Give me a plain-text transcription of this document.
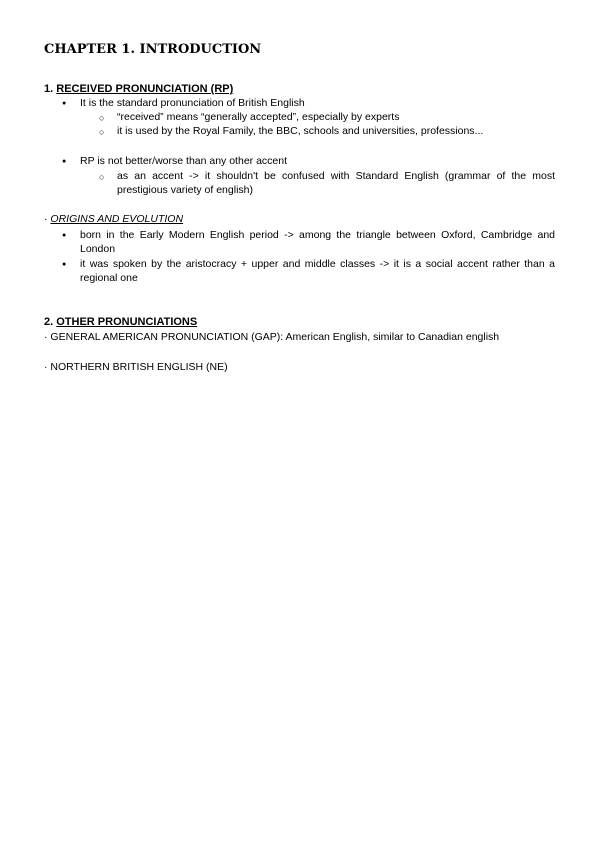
CHAPTER 1. INTRODUCTION
1. RECEIVED PRONUNCIATION (RP)
● It is the standard pronunciation of British English
○ “received” means “generally accepted”, especially by experts
○ it is used by the Royal Family, the BBC, schools and universities, professions...
● RP is not better/worse than any other accent
○ as an accent -> it shouldn't be confused with Standard English (grammar of the most prestigious variety of english)
· ORIGINS AND EVOLUTION
● born in the Early Modern English period -> among the triangle between Oxford, Cambridge and London
● it was spoken by the aristocracy + upper and middle classes -> it is a social accent rather than a regional one
2. OTHER PRONUNCIATIONS
· GENERAL AMERICAN PRONUNCIATION (GAP): American English, similar to Canadian english
· NORTHERN BRITISH ENGLISH (NE)
